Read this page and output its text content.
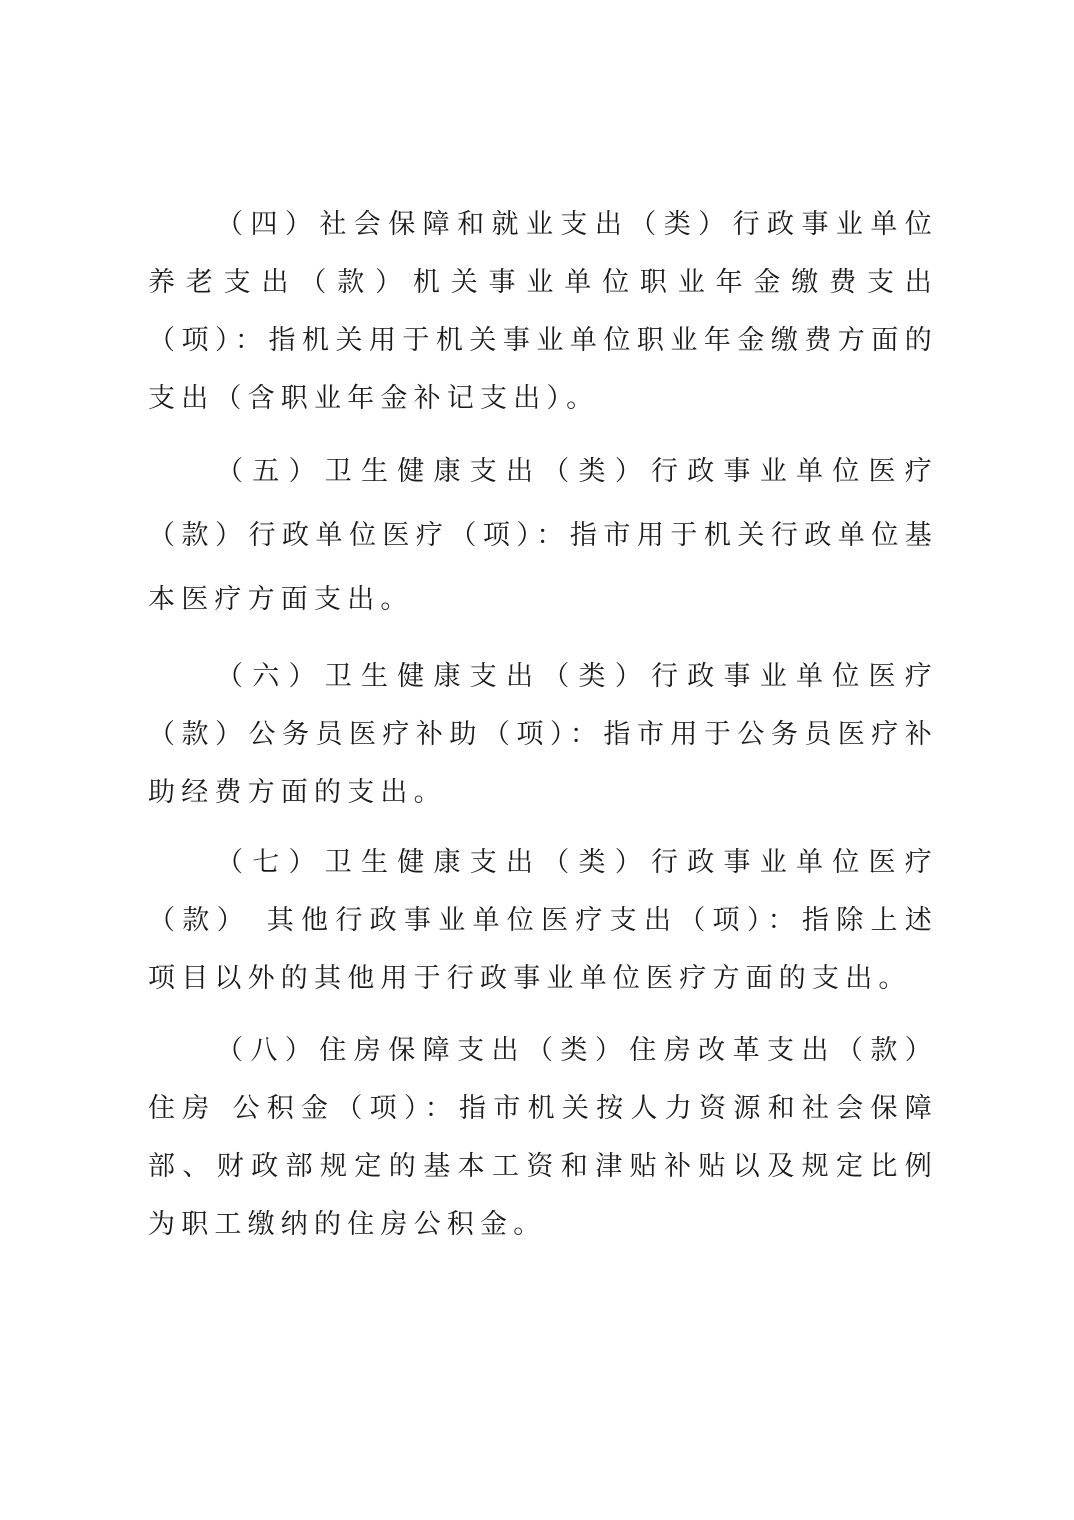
（四）社会保障和就业支出（类）行政事业单位养老支出（款）机关事业单位职业年金缴费支出（项）：指机关用于机关事业单位职业年金缴费方面的支出（含职业年金补记支出）。

（五）卫生健康支出（类）行政事业单位医疗（款）行政单位医疗（项）：指市用于机关行政单位基本医疗方面支出。

（六）卫生健康支出（类）行政事业单位医疗（款）公务员医疗补助（项）：指市用于公务员医疗补助经费方面的支出。

（七）卫生健康支出（类）行政事业单位医疗（款） 其他行政事业单位医疗支出（项）：指除上述项目以外的其他用于行政事业单位医疗方面的支出。

（八）住房保障支出（类）住房改革支出（款）住房 公积金（项）：指市机关按人力资源和社会保障 部、财政部规定的基本工资和津贴补贴以及规定比例为职工缴纳的住房公积金。
